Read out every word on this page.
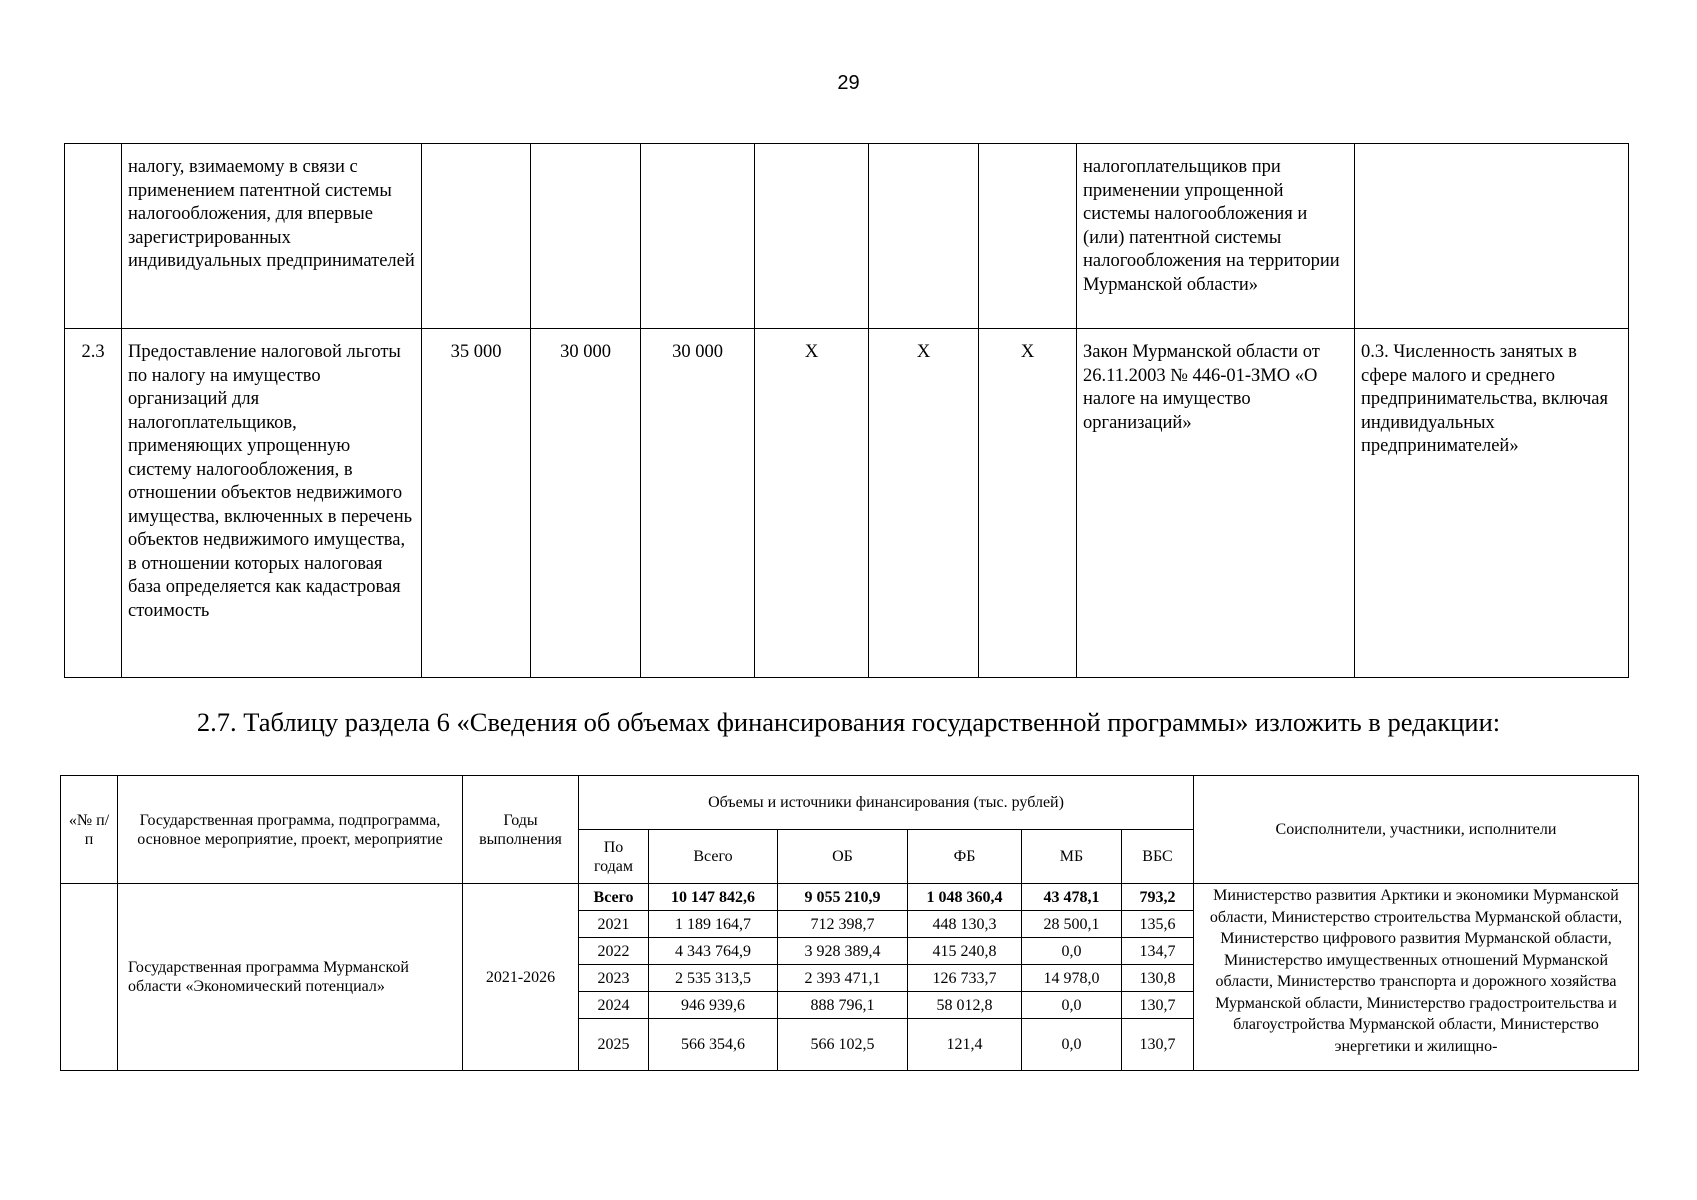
29
	налогу, взимаемому в связи с применением патентной системы налогообложения, для впервые зарегистрированных индивидуальных предпринимателей							налогоплательщиков при применении упрощенной системы налогообложения и (или) патентной системы налогообложения на территории Мурманской области»	
2.3	Предоставление налоговой льготы по налогу на имущество организаций для налогоплательщиков, применяющих упрощенную систему налогообложения, в отношении объектов недвижимого имущества, включенных в перечень объектов недвижимого имущества, в отношении которых налоговая база определяется как кадастровая стоимость	35 000	30 000	30 000	X	X	X	Закон Мурманской области от 26.11.2003 № 446-01-ЗМО «О налоге на имущество организаций»	0.3. Численность занятых в сфере малого и среднего предпринимательства, включая индивидуальных предпринимателей»
2.7. Таблицу раздела 6 «Сведения об объемах финансирования государственной программы» изложить в редакции:
«№ п/п	Государственная программа, подпрограмма, основное мероприятие, проект, мероприятие	Годы выполнения	Объемы и источники финансирования (тыс. рублей)						Соисполнители, участники, исполнители
			По годам	Всего	ОБ	ФБ	МБ	ВБС	
	Государственная программа Мурманской области «Экономический потенциал»	2021-2026	Всего	10 147 842,6	9 055 210,9	1 048 360,4	43 478,1	793,2	Министерство развития Арктики и экономики Мурманской области, Министерство строительства Мурманской области, Министерство цифрового развития Мурманской области, Министерство имущественных отношений Мурманской области, Министерство транспорта и дорожного хозяйства Мурманской области, Министерство градостроительства и благоустройства Мурманской области, Министерство энергетики и жилищно-
			2021	1 189 164,7	712 398,7	448 130,3	28 500,1	135,6	
			2022	4 343 764,9	3 928 389,4	415 240,8	0,0	134,7	
			2023	2 535 313,5	2 393 471,1	126 733,7	14 978,0	130,8	
			2024	946 939,6	888 796,1	58 012,8	0,0	130,7	
			2025	566 354,6	566 102,5	121,4	0,0	130,7	
